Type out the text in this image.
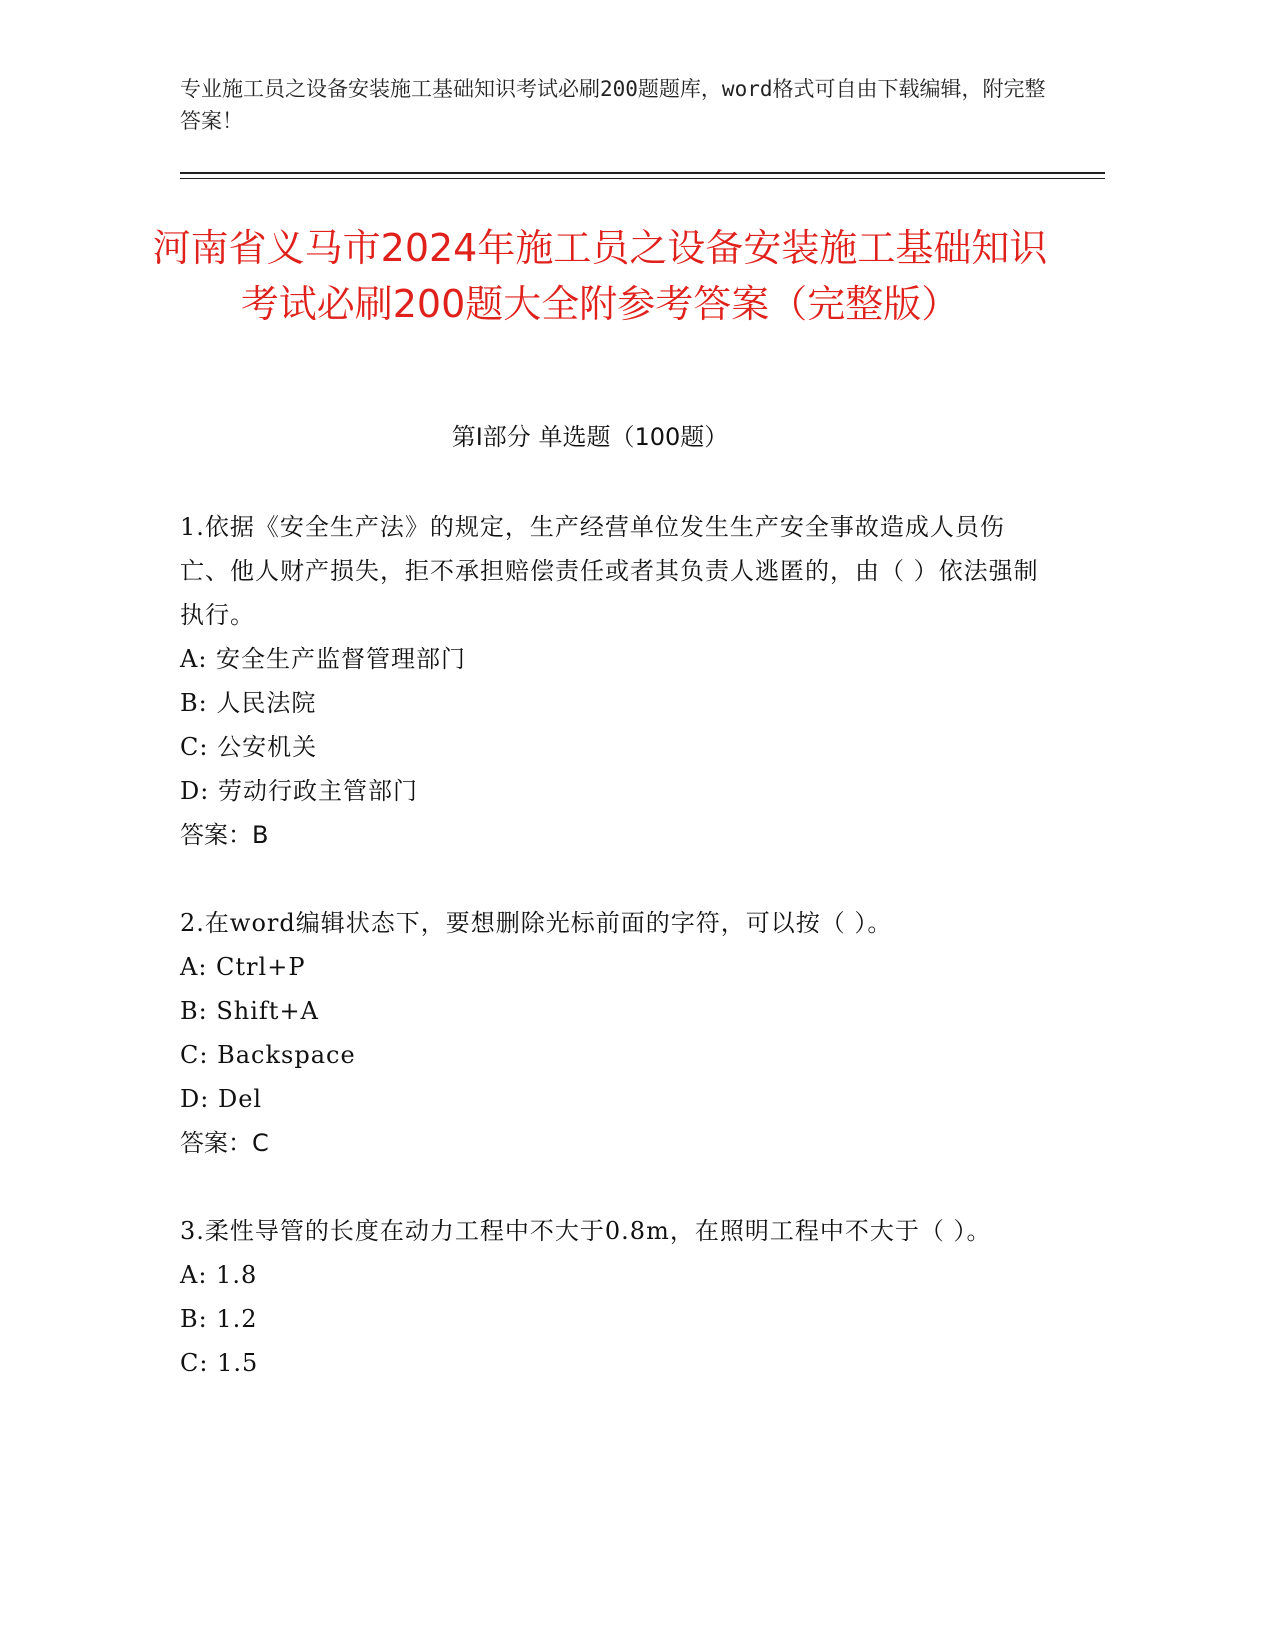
专业施工员之设备安装施工基础知识考试必刷200题题库，word格式可自由下载编辑，附完整答案！
河南省义马市2024年施工员之设备安装施工基础知识考试必刷200题大全附参考答案（完整版）
第I部分 单选题（100题）
1.依据《安全生产法》的规定，生产经营单位发生生产安全事故造成人员伤亡、他人财产损失，拒不承担赔偿责任或者其负责人逃匿的，由（ ）依法强制执行。
A: 安全生产监督管理部门
B: 人民法院
C: 公安机关
D: 劳动行政主管部门
答案：B
2.在word编辑状态下，要想删除光标前面的字符，可以按（ ）。
A: Ctrl+P
B: Shift+A
C: Backspace
D: Del
答案：C
3.柔性导管的长度在动力工程中不大于0.8m，在照明工程中不大于（ ）。
A: 1.8
B: 1.2
C: 1.5
